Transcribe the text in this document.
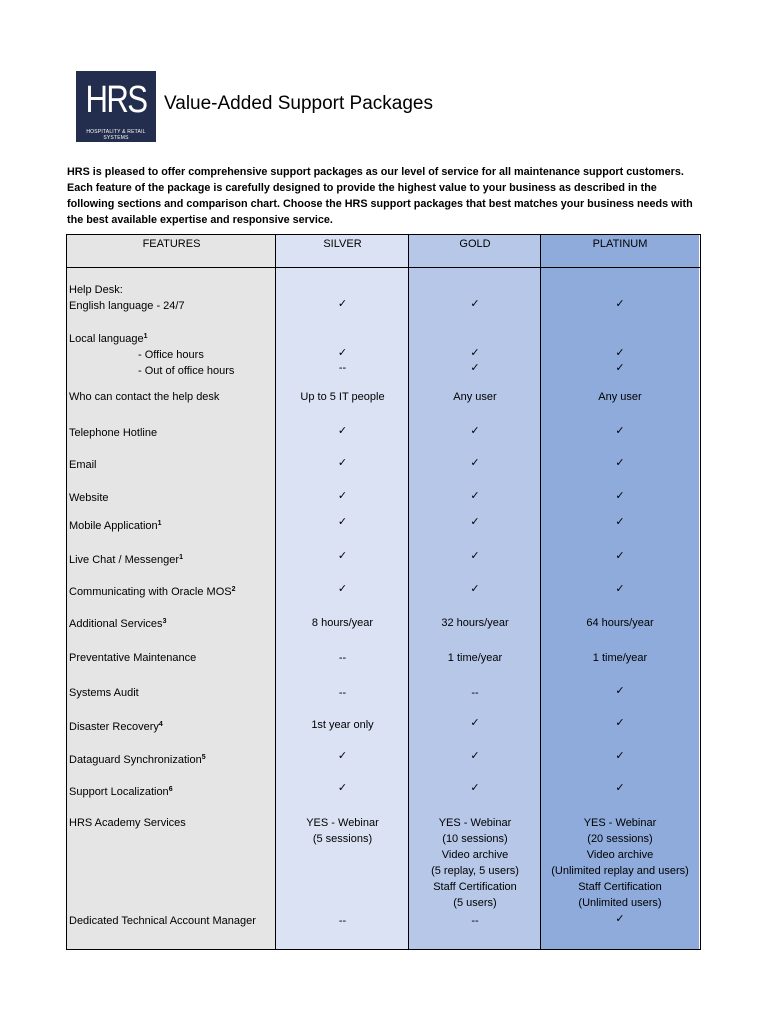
HRS
HOSPITALITY & RETAIL SYSTEMS
Value-Added Support Packages
HRS is pleased to offer comprehensive support packages as our level of service for all maintenance support customers. Each feature of the package is carefully designed to provide the highest value to your business as described in the following sections and comparison chart. Choose the HRS support packages that best matches your business needs with the best available expertise and responsive service.
FEATURES
Help Desk:
English language - 24/7
Local language$^1$
- Office hours
- Out of office hours
Who can contact the help desk
Telephone Hotline
Email
Website
Mobile Application$^1$
Live Chat / Messenger$^1$
Communicating with Oracle MOS$^2$
Additional Services$^3$
Preventative Maintenance
Systems Audit
Disaster Recovery$^4$
Dataguard Synchronization$^5$
Support Localization$^6$
HRS Academy Services
Dedicated Technical Account Manager
SILVER
✓
✓
--
Up to 5 IT people
✓
✓
✓
✓
✓
✓
8 hours/year
--
--
1st year only
✓
✓
YES - Webinar
(5 sessions)
--
GOLD
✓
✓
✓
Any user
✓
✓
✓
✓
✓
✓
32 hours/year
1 time/year
--
✓
✓
✓
YES - Webinar
(10 sessions)
Video archive
(5 replay, 5 users)
Staff Certification
(5 users)
--
PLATINUM
✓
✓
✓
Any user
✓
✓
✓
✓
✓
✓
64 hours/year
1 time/year
✓
✓
✓
✓
YES - Webinar
(20 sessions)
Video archive
(Unlimited replay and users)
Staff Certification
(Unlimited users)
✓
